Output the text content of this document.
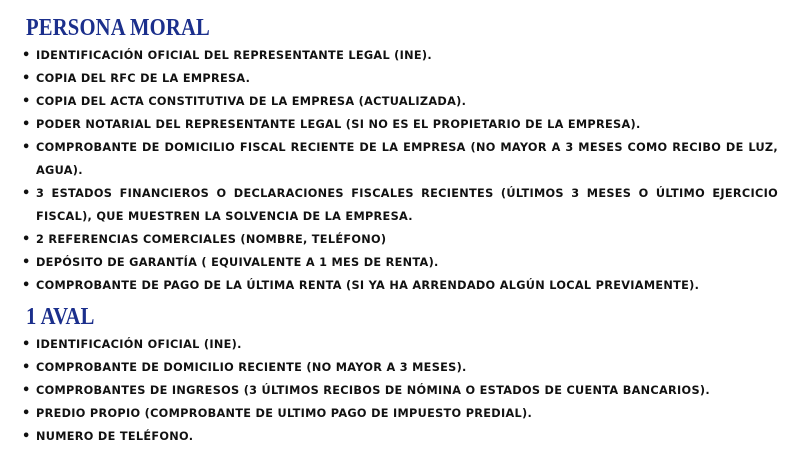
PERSONA MORAL
• IDENTIFICACIÓN OFICIAL DEL REPRESENTANTE LEGAL (INE).
• COPIA DEL RFC DE LA EMPRESA.
• COPIA DEL ACTA CONSTITUTIVA DE LA EMPRESA (ACTUALIZADA).
• PODER NOTARIAL DEL REPRESENTANTE LEGAL (SI NO ES EL PROPIETARIO DE LA EMPRESA).
• COMPROBANTE DE DOMICILIO FISCAL RECIENTE DE LA EMPRESA (NO MAYOR A 3 MESES COMO RECIBO DE LUZ, AGUA).
• 3 ESTADOS FINANCIEROS O DECLARACIONES FISCALES RECIENTES (ÚLTIMOS 3 MESES O ÚLTIMO EJERCICIO FISCAL), QUE MUESTREN LA SOLVENCIA DE LA EMPRESA.
• 2 REFERENCIAS COMERCIALES (NOMBRE, TELÉFONO)
• DEPÓSITO DE GARANTÍA ( EQUIVALENTE A 1 MES DE RENTA).
• COMPROBANTE DE PAGO DE LA ÚLTIMA RENTA (SI YA HA ARRENDADO ALGÚN LOCAL PREVIAMENTE).
1 AVAL
• IDENTIFICACIÓN OFICIAL (INE).
• COMPROBANTE DE DOMICILIO RECIENTE (NO MAYOR A 3 MESES).
• COMPROBANTES DE INGRESOS (3 ÚLTIMOS RECIBOS DE NÓMINA O ESTADOS DE CUENTA BANCARIOS).
• PREDIO PROPIO (COMPROBANTE DE ULTIMO PAGO DE IMPUESTO PREDIAL).
• NUMERO DE TELÉFONO.
